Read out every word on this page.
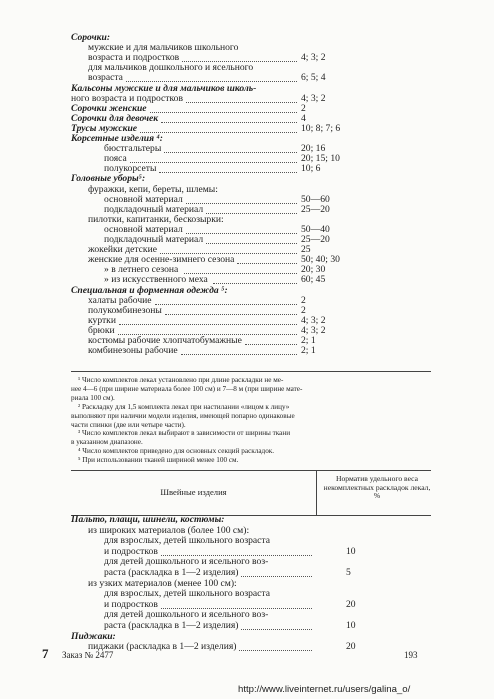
Сорочки:
мужские и для мальчиков школьного
возраста и подростков	4; 3; 2
для мальчиков дошкольного и ясельного
возраста	6; 5; 4
Кальсоны мужские и для мальчиков школь-
ного возраста и подростков	4; 3; 2
Сорочки женские	2
Сорочки для девочек	4
Трусы мужские	10; 8; 7; 6
Корсетные изделия ⁴:
бюстгальтеры	20; 16
пояса	20; 15; 10
полукорсеты	10; 6
Головные уборы⁵:
фуражки, кепи, береты, шлемы:
основной материал	50—60
подкладочный материал	25—20
пилотки, капитанки, бескозырки:
основной материал	50—40
подкладочный материал	25—20
жокейки детские	25
женские для осенне-зимнего сезона	50; 40; 30
» в летнего сезона	20; 30
» из искусственного меха	60; 45
Специальная и форменная одежда ⁵:
халаты рабочие	2
полукомбинезоны	2
куртки	4; 3; 2
брюки	4; 3; 2
костюмы рабочие хлопчатобумажные	2; 1
комбинезоны рабочие	2; 1
¹ Число комплектов лекал установлено при длине раскладки не ме-
нее 4—6 (при ширине материала более 100 см) и 7—8 м (при ширине мате-
риала 100 см).
² Раскладку для 1,5 комплекта лекал при настилании «лицом к лицу»
выполняют при наличии модели изделия, имеющей попарно одинаковые
части спинки (две или четыре части).
³ Число комплектов лекал выбирают в зависимости от ширины ткани
в указанном диапазоне.
⁴ Число комплектов приведено для основных секций раскладок.
⁵ При использовании тканей шириной менее 100 см.
Швейные изделия
Норматив удельного веса некомплектных раскладок лекал, %
Пальто, плащи, шинели, костюмы:
из широких материалов (более 100 см):
для взрослых, детей школьного возраста
и подростков	10
для детей дошкольного и ясельного воз-
раста (раскладка в 1—2 изделия)	5
из узких материалов (менее 100 см):
для взрослых, детей школьного возраста
и подростков	20
для детей дошкольного и ясельного воз-
раста (раскладка в 1—2 изделия)	10
Пиджаки:
пиджаки (раскладка в 1—2 изделия)	20
7 Заказ № 2477	193
http://www.liveinternet.ru/users/galina_o/
